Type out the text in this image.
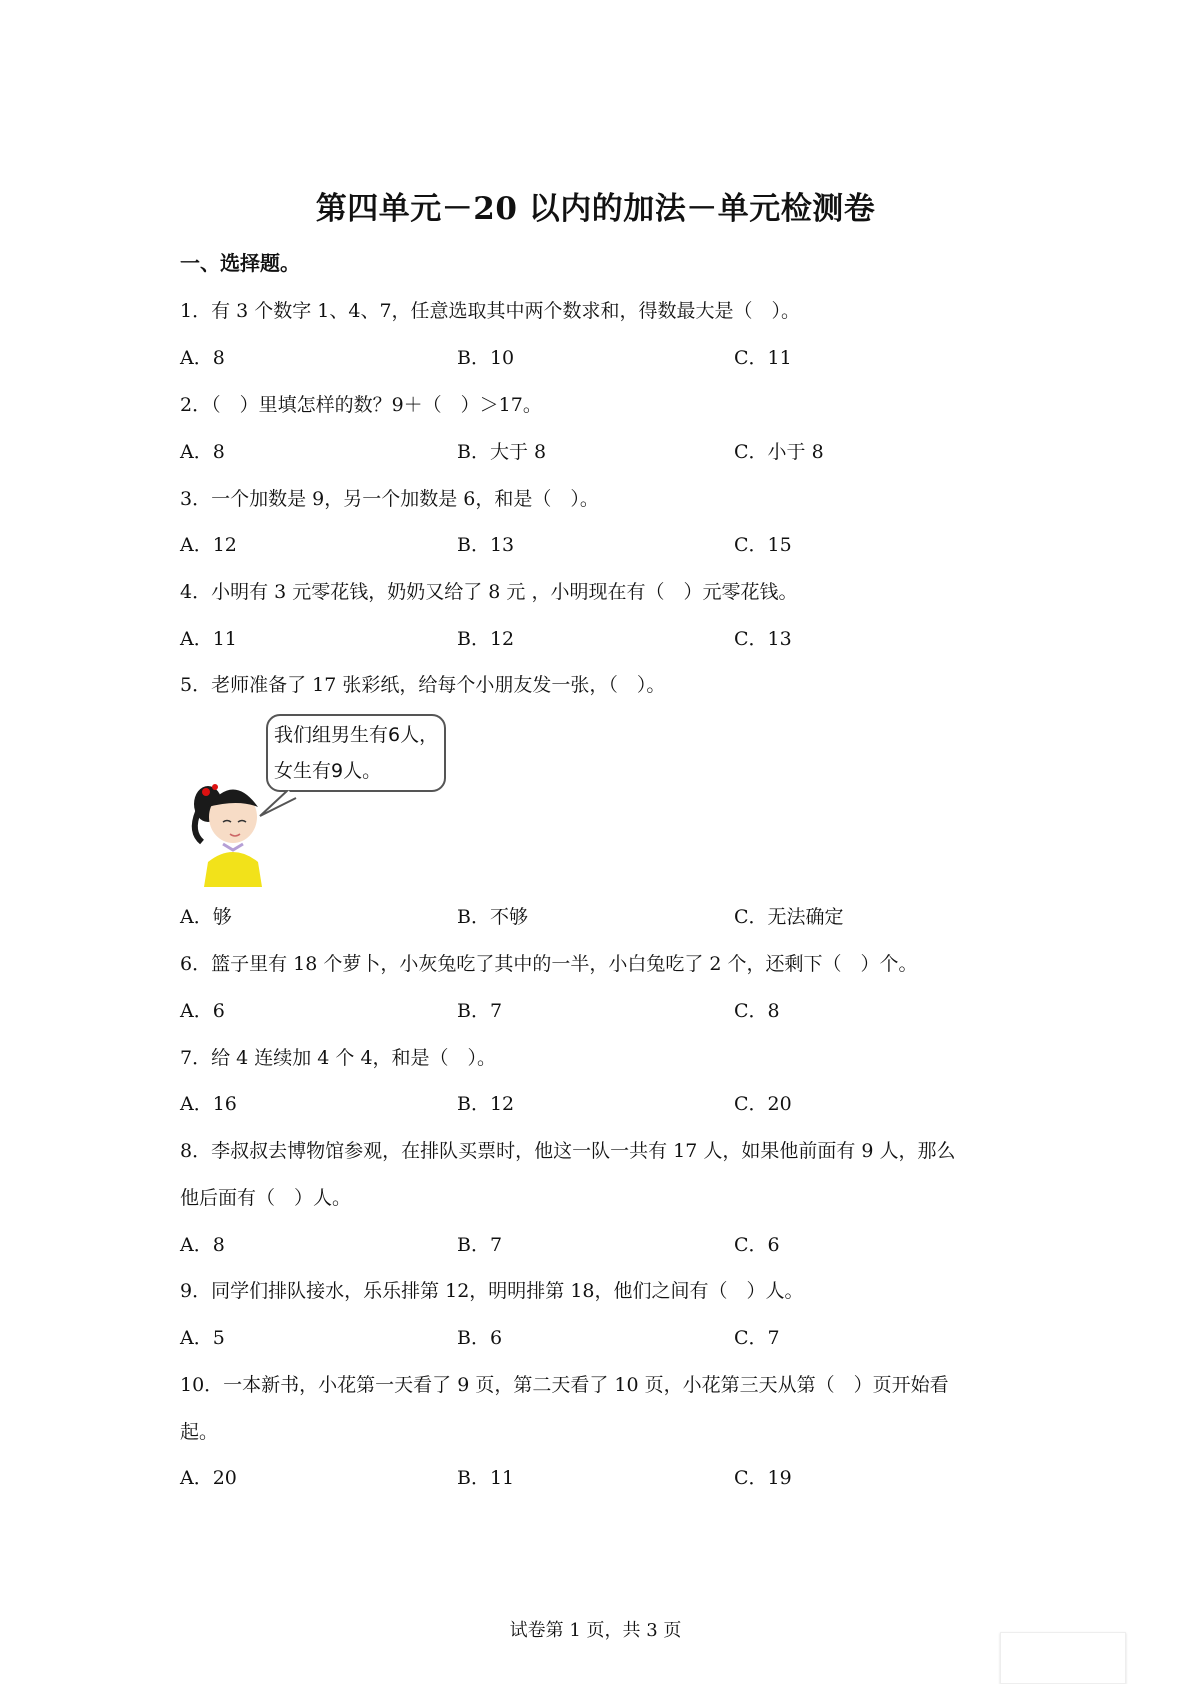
第四单元－20 以内的加法－单元检测卷
一、选择题。
1．有 3 个数字 1、4、7，任意选取其中两个数求和，得数最大是（　）。
A．8	B．10	C．11
2．（　）里填怎样的数？9＋（　）＞17。
A．8	B．大于 8	C．小于 8
3．一个加数是 9，另一个加数是 6，和是（　）。
A．12	B．13	C．15
4．小明有 3 元零花钱，奶奶又给了 8 元 ，小明现在有（　）元零花钱。
A．11	B．12	C．13
5．老师准备了 17 张彩纸，给每个小朋友发一张，（　）。
我们组男生有6人，
女生有9人。
A．够	B．不够	C．无法确定
6．篮子里有 18 个萝卜，小灰兔吃了其中的一半，小白兔吃了 2 个，还剩下（　）个。
A．6	B．7	C．8
7．给 4 连续加 4 个 4，和是（　）。
A．16	B．12	C．20
8．李叔叔去博物馆参观，在排队买票时，他这一队一共有 17 人，如果他前面有 9 人，那么
他后面有（　）人。
A．8	B．7	C．6
9．同学们排队接水，乐乐排第 12，明明排第 18，他们之间有（　）人。
A．5	B．6	C．7
10．一本新书，小花第一天看了 9 页，第二天看了 10 页，小花第三天从第（　）页开始看
起。
A．20	B．11	C．19
试卷第 1 页，共 3 页
